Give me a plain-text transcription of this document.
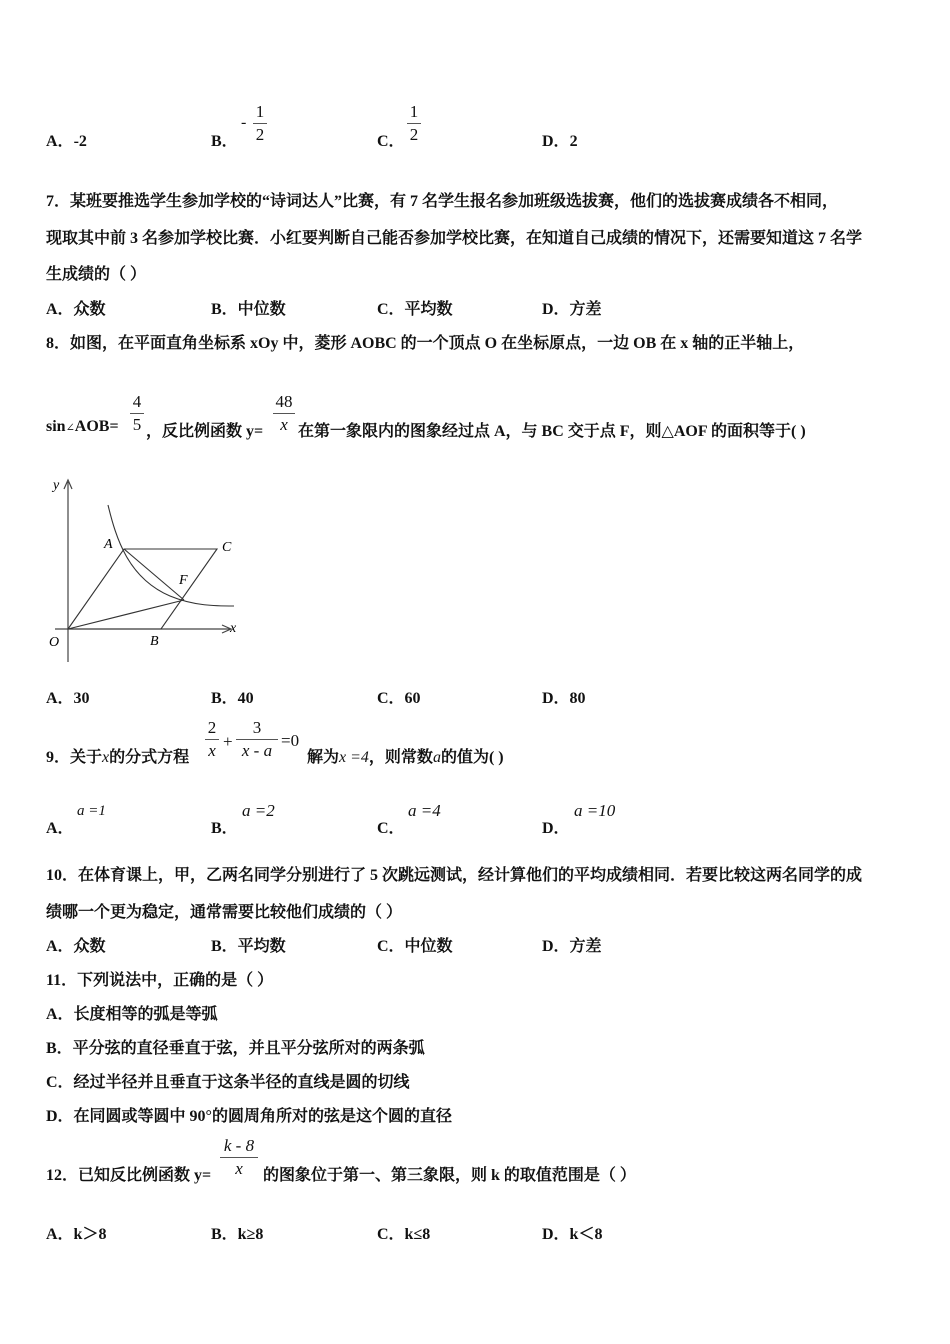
A．-2	B．
-
1
2	C．
1
2	D．2
7．某班要推选学生参加学校的“诗词达人”比赛，有 7 名学生报名参加班级选拔赛，他们的选拔赛成绩各不相同，
现取其中前 3 名参加学校比赛．小红要判断自己能否参加学校比赛，在知道自己成绩的情况下，还需要知道这 7 名学
生成绩的（ ）
A．众数	B．中位数	C．平均数	D．方差
8．如图，在平面直角坐标系 xOy 中，菱形 AOBC 的一个顶点 O 在坐标原点，一边 OB 在 x 轴的正半轴上，
sin∠AOB=
4
5 ，反比例函数 y=
48
x 在第一象限内的图象经过点 A，与 BC 交于点 F，则△AOF 的面积等于( )
y
x
O
A
B
C
F
A．30	B．40	C．60	D．80
9．关于x的分式方程
2
x +
3
x - a
=0
解为x =4，则常数a的值为( )
A．
a =1
B．
a =2
C．
a =4
D．
a =10
10．在体育课上，甲，乙两名同学分别进行了 5 次跳远测试，经计算他们的平均成绩相同．若要比较这两名同学的成
绩哪一个更为稳定，通常需要比较他们成绩的（ ）
A．众数	B．平均数	C．中位数	D．方差
11．下列说法中，正确的是（ ）
A．长度相等的弧是等弧
B．平分弦的直径垂直于弦，并且平分弦所对的两条弧
C．经过半径并且垂直于这条半径的直线是圆的切线
D．在同圆或等圆中 90°的圆周角所对的弦是这个圆的直径
12．已知反比例函数 y=
k - 8
x	的图象位于第一、第三象限，则 k 的取值范围是（ ）
A．k＞8	B．k≥8	C．k≤8	D．k＜8
